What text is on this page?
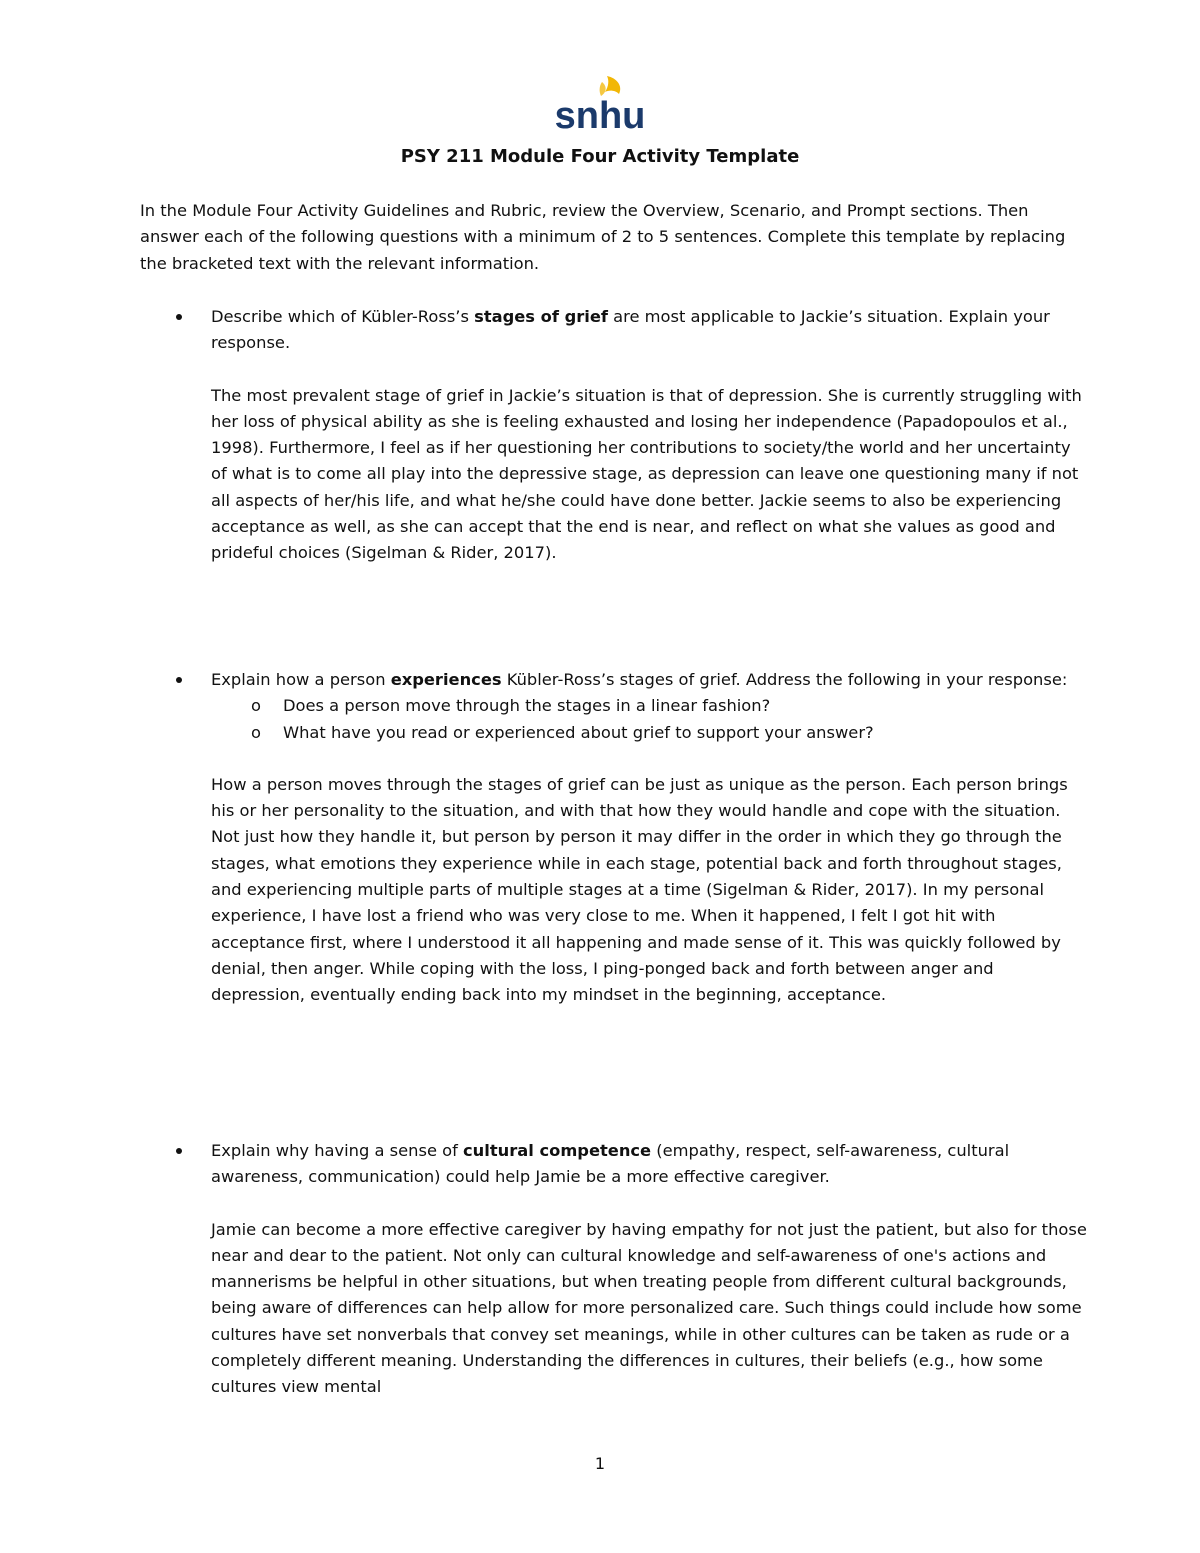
snhu
PSY 211 Module Four Activity Template

In the Module Four Activity Guidelines and Rubric, review the Overview, Scenario, and Prompt sections. Then answer each of the following questions with a minimum of 2 to 5 sentences. Complete this template by replacing the bracketed text with the relevant information.

Describe which of Kübler-Ross’s stages of grief are most applicable to Jackie’s situation. Explain your response.

The most prevalent stage of grief in Jackie’s situation is that of depression. She is currently struggling with her loss of physical ability as she is feeling exhausted and losing her independence (Papadopoulos et al., 1998). Furthermore, I feel as if her questioning her contributions to society/the world and her uncertainty of what is to come all play into the depressive stage, as depression can leave one questioning many if not all aspects of her/his life, and what he/she could have done better. Jackie seems to also be experiencing acceptance as well, as she can accept that the end is near, and reflect on what she values as good and prideful choices (Sigelman & Rider, 2017).

Explain how a person experiences Kübler-Ross’s stages of grief. Address the following in your response:

o Does a person move through the stages in a linear fashion?
o What have you read or experienced about grief to support your answer?

How a person moves through the stages of grief can be just as unique as the person. Each person brings his or her personality to the situation, and with that how they would handle and cope with the situation. Not just how they handle it, but person by person it may differ in the order in which they go through the stages, what emotions they experience while in each stage, potential back and forth throughout stages, and experiencing multiple parts of multiple stages at a time (Sigelman & Rider, 2017). In my personal experience, I have lost a friend who was very close to me. When it happened, I felt I got hit with acceptance first, where I understood it all happening and made sense of it. This was quickly followed by denial, then anger. While coping with the loss, I ping-ponged back and forth between anger and depression, eventually ending back into my mindset in the beginning, acceptance.

Explain why having a sense of cultural competence (empathy, respect, self-awareness, cultural awareness, communication) could help Jamie be a more effective caregiver.

Jamie can become a more effective caregiver by having empathy for not just the patient, but also for those near and dear to the patient. Not only can cultural knowledge and self-awareness of one's actions and mannerisms be helpful in other situations, but when treating people from different cultural backgrounds, being aware of differences can help allow for more personalized care. Such things could include how some cultures have set nonverbals that convey set meanings, while in other cultures can be taken as rude or a completely different meaning. Understanding the differences in cultures, their beliefs (e.g., how some cultures view mental

1
